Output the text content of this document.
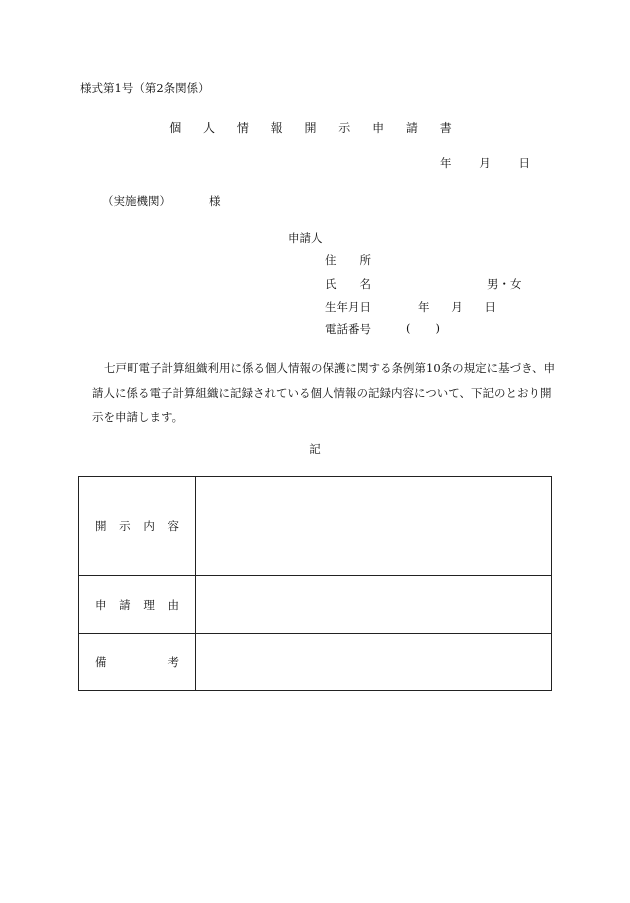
様式第1号（第2条関係）
個 人 情 報 開 示 申 請 書
年 月 日
（実施機関）	様
申請人
住　　所
氏　　名	男・女
生年月日	年 月 日
電話番号	( )
七戸町電子計算組織利用に係る個人情報の保護に関する条例第10条の規定に基づき、申請人に係る電子計算組織に記録されている個人情報の記録内容について、下記のとおり開示を申請します。
記
開示内容	
申請理由	
備考	
